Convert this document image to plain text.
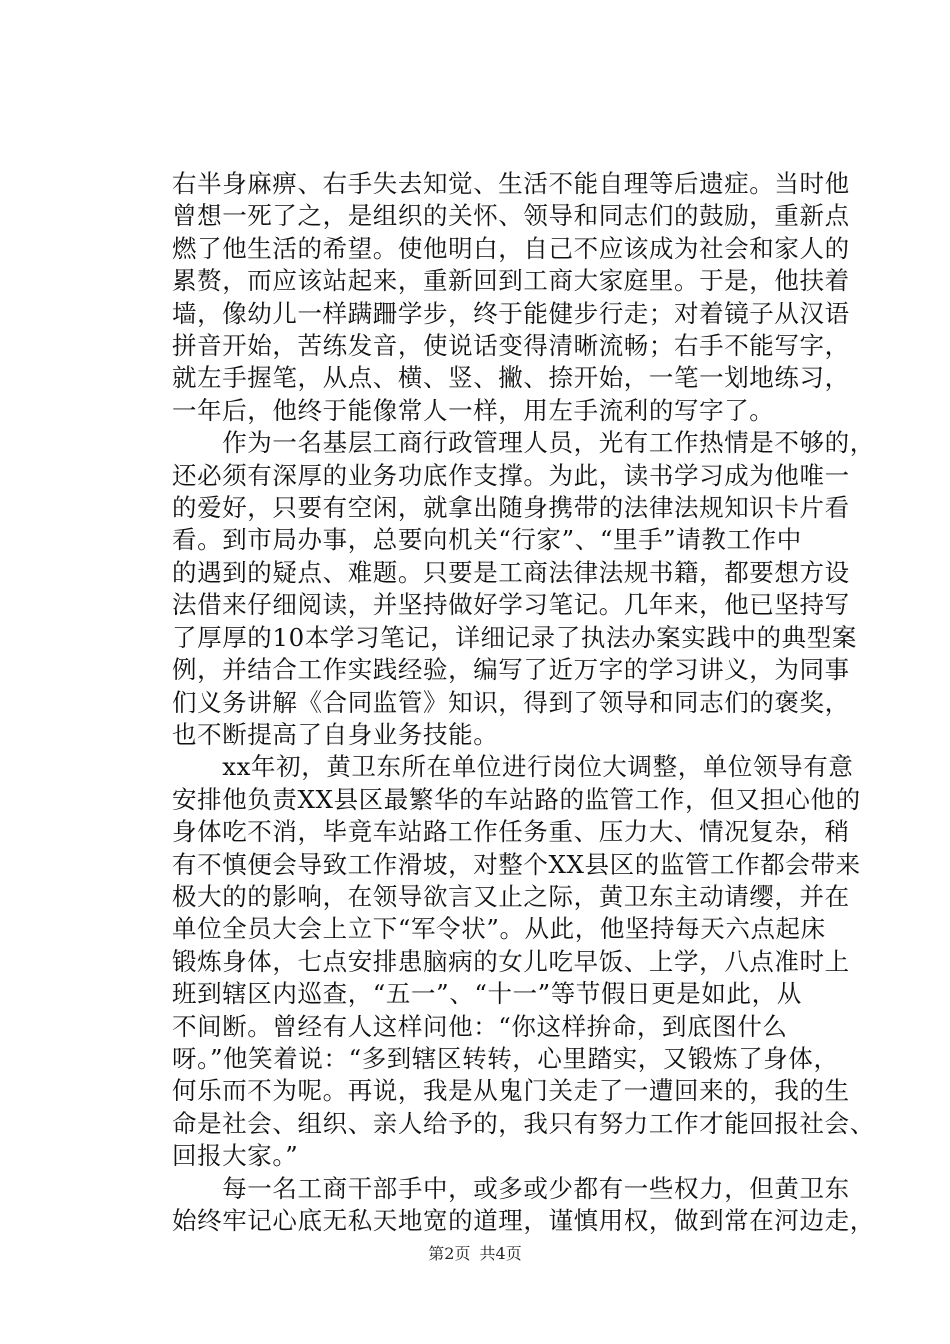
右半身麻痹、右手失去知觉、生活不能自理等后遗症。当时他
曾想一死了之，是组织的关怀、领导和同志们的鼓励，重新点
燃了他生活的希望。使他明白，自己不应该成为社会和家人的
累赘，而应该站起来，重新回到工商大家庭里。于是，他扶着
墙，像幼儿一样蹒跚学步，终于能健步行走；对着镜子从汉语
拼音开始，苦练发音，使说话变得清晰流畅；右手不能写字，
就左手握笔，从点、横、竖、撇、捺开始，一笔一划地练习，
一年后，他终于能像常人一样，用左手流利的写字了。

　　作为一名基层工商行政管理人员，光有工作热情是不够的，
还必须有深厚的业务功底作支撑。为此，读书学习成为他唯一
的爱好，只要有空闲，就拿出随身携带的法律法规知识卡片看
看。到市局办事，总要向机关“行家”、“里手”请教工作中
的遇到的疑点、难题。只要是工商法律法规书籍，都要想方设
法借来仔细阅读，并坚持做好学习笔记。几年来，他已坚持写
了厚厚的10本学习笔记，详细记录了执法办案实践中的典型案
例，并结合工作实践经验，编写了近万字的学习讲义，为同事
们义务讲解《合同监管》知识，得到了领导和同志们的褒奖，
也不断提高了自身业务技能。

　　xx年初，黄卫东所在单位进行岗位大调整，单位领导有意
安排他负责XX县区最繁华的车站路的监管工作，但又担心他的
身体吃不消，毕竟车站路工作任务重、压力大、情况复杂，稍
有不慎便会导致工作滑坡，对整个XX县区的监管工作都会带来
极大的的影响，在领导欲言又止之际，黄卫东主动请缨，并在
单位全员大会上立下“军令状”。从此，他坚持每天六点起床
锻炼身体，七点安排患脑病的女儿吃早饭、上学，八点准时上
班到辖区内巡查，“五一”、“十一”等节假日更是如此，从
不间断。曾经有人这样问他：“你这样拚命，到底图什么
呀。”他笑着说：“多到辖区转转，心里踏实，又锻炼了身体，
何乐而不为呢。再说，我是从鬼门关走了一遭回来的，我的生
命是社会、组织、亲人给予的，我只有努力工作才能回报社会、
回报大家。”

　　每一名工商干部手中，或多或少都有一些权力，但黄卫东
始终牢记心底无私天地宽的道理，谨慎用权，做到常在河边走，

第2页 共4页
